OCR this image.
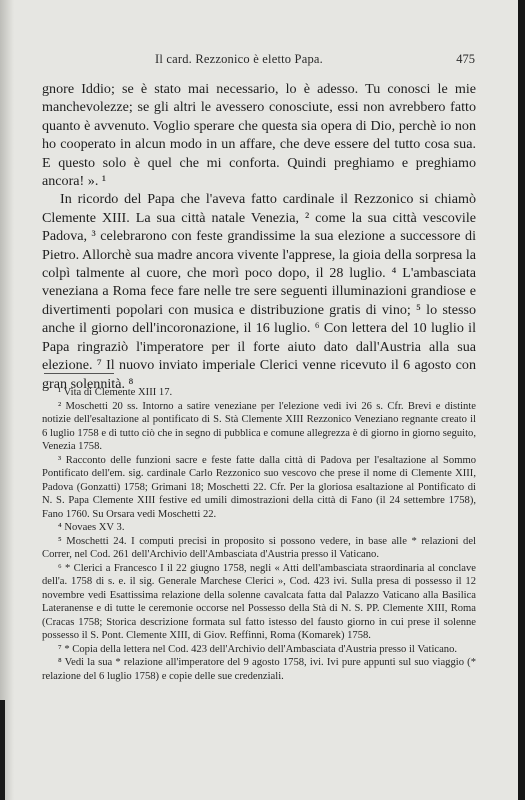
Il card. Rezzonico è eletto Papa.	475

gnore Iddio; se è stato mai necessario, lo è adesso. Tu conosci le mie manchevolezze; se gli altri le avessero conosciute, essi non avrebbero fatto quanto è avvenuto. Voglio sperare che questa sia opera di Dio, perchè io non ho cooperato in alcun modo in un affare, che deve essere del tutto cosa sua. E questo solo è quel che mi conforta. Quindi preghiamo e preghiamo ancora! ». ¹

In ricordo del Papa che l'aveva fatto cardinale il Rezzonico si chiamò Clemente XIII. La sua città natale Venezia, ² come la sua città vescovile Padova, ³ celebrarono con feste grandissime la sua elezione a successore di Pietro. Allorchè sua madre ancora vivente l'apprese, la gioia della sorpresa la colpì talmente al cuore, che morì poco dopo, il 28 luglio. ⁴ L'ambasciata veneziana a Roma fece fare nelle tre sere seguenti illuminazioni grandiose e divertimenti popolari con musica e distribuzione gratis di vino; ⁵ lo stesso anche il giorno dell'incoronazione, il 16 luglio. ⁶ Con lettera del 10 luglio il Papa ringraziò l'imperatore per il forte aiuto dato dall'Austria alla sua elezione. ⁷ Il nuovo inviato imperiale Clerici venne ricevuto il 6 agosto con gran solennità. ⁸

¹ Vita di Clemente XIII 17.

² Moschetti 20 ss. Intorno a satire veneziane per l'elezione vedi ivi 26 s. Cfr. Brevi e distinte notizie dell'esaltazione al pontificato di S. Stà Clemente XIII Rezzonico Veneziano regnante creato il 6 luglio 1758 e di tutto ciò che in segno di pubblica e comune allegrezza è di giorno in giorno seguito, Venezia 1758.

³ Racconto delle funzioni sacre e feste fatte dalla città di Padova per l'esaltazione al Sommo Pontificato dell'em. sig. cardinale Carlo Rezzonico suo vescovo che prese il nome di Clemente XIII, Padova (Gonzatti) 1758; Grimani 18; Moschetti 22. Cfr. Per la gloriosa esaltazione al Pontificato di N. S. Papa Clemente XIII festive ed umili dimostrazioni della città di Fano (il 24 settembre 1758), Fano 1760. Su Orsara vedi Moschetti 22.

⁴ Novaes XV 3.

⁵ Moschetti 24. I computi precisi in proposito si possono vedere, in base alle * relazioni del Correr, nel Cod. 261 dell'Archivio dell'Ambasciata d'Austria presso il Vaticano.

⁶ * Clerici a Francesco I il 22 giugno 1758, negli « Atti dell'ambasciata straordinaria al conclave dell'a. 1758 di s. e. il sig. Generale Marchese Clerici », Cod. 423 ivi. Sulla presa di possesso il 12 novembre vedi Esattissima relazione della solenne cavalcata fatta dal Palazzo Vaticano alla Basilica Lateranense e di tutte le ceremonie occorse nel Possesso della Stà di N. S. PP. Clemente XIII, Roma (Cracas 1758; Storica descrizione formata sul fatto istesso del fausto giorno in cui prese il solenne possesso il S. Pont. Clemente XIII, di Giov. Reffinni, Roma (Komarek) 1758.

⁷ * Copia della lettera nel Cod. 423 dell'Archivio dell'Ambasciata d'Austria presso il Vaticano.

⁸ Vedi la sua * relazione all'imperatore del 9 agosto 1758, ivi. Ivi pure appunti sul suo viaggio (* relazione del 6 luglio 1758) e copie delle sue credenziali.
